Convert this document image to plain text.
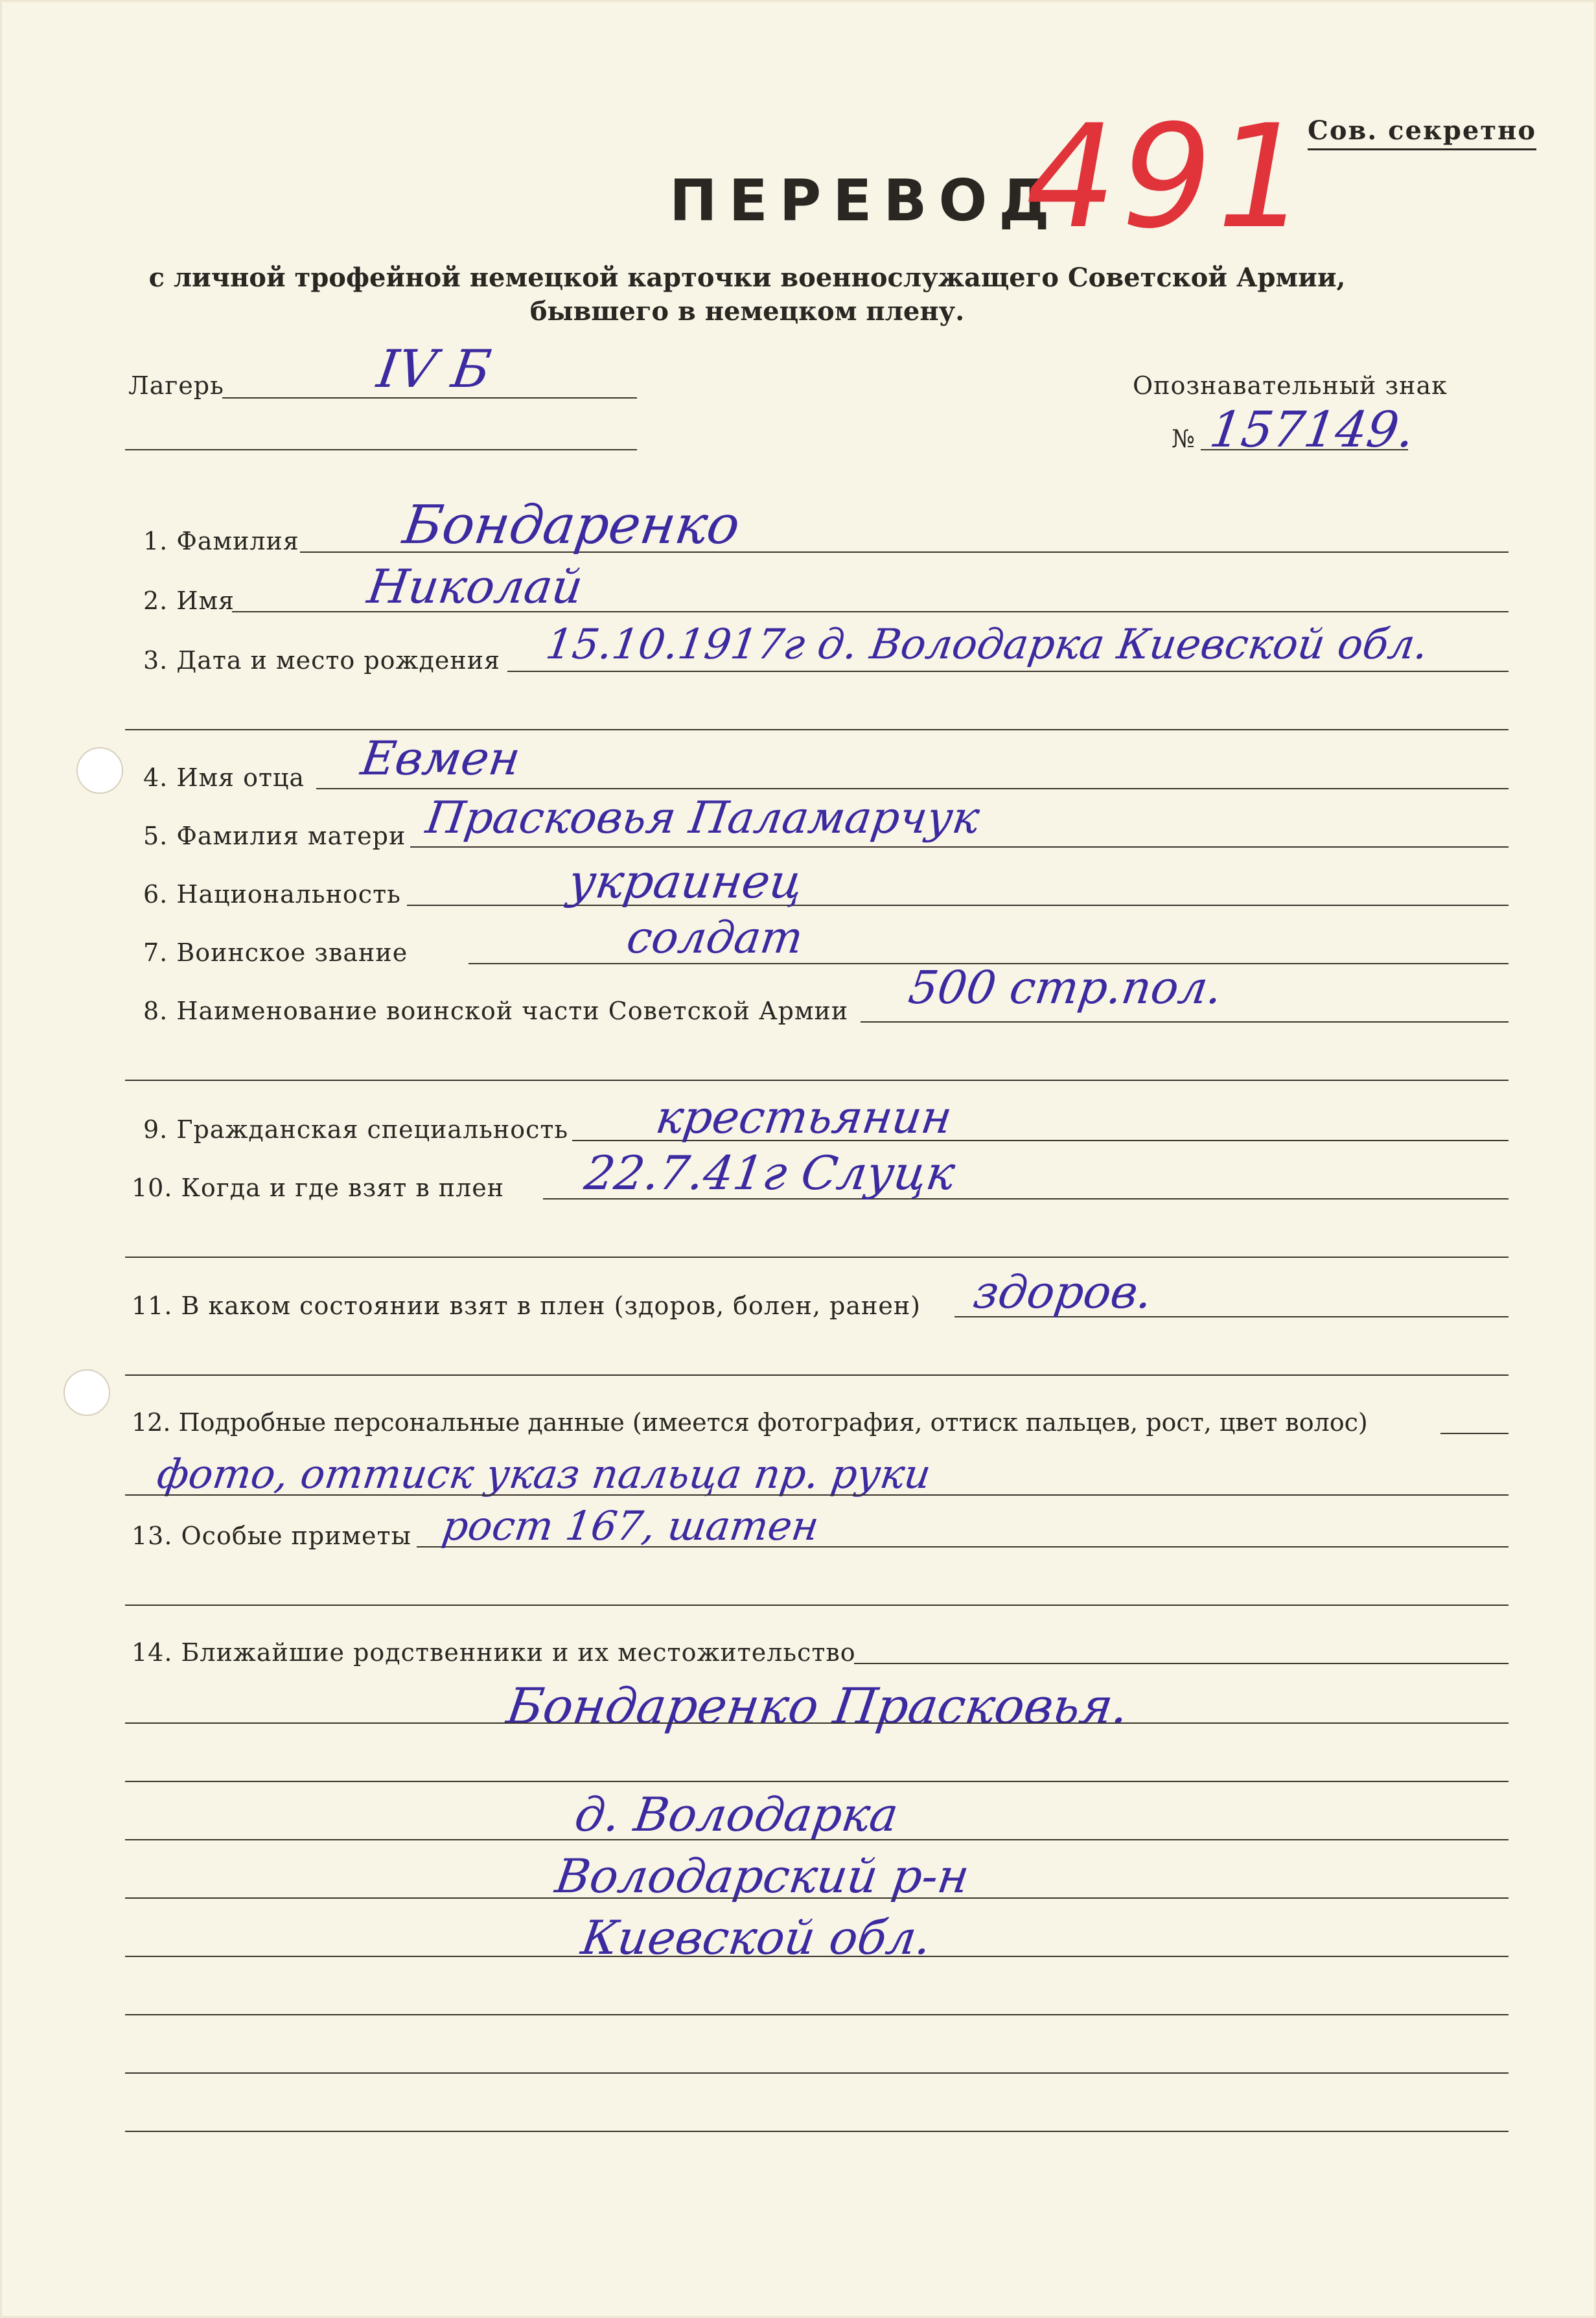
Сов. секретно
ПЕРЕВОД
491
с личной трофейной немецкой карточки военнослужащего Советской Армии,
бывшего в немецком плену.
Лагерь	IV Б	Опознавательный знак
№ 157149.
1. Фамилия Бондаренко
2. Имя	Николай
3. Дата и место рождения 15.10.1917г д. Володарка Киевской обл.
4. Имя отца Евмен
5. Фамилия матери Прасковья Паламарчук
6. Национальность	украинец
7. Воинское звание	солдат
8. Наименование воинской части Советской Армии 500 стр.пол.
9. Гражданская специальность крестьянин
10. Когда и где взят в плен 22.7.41г Слуцк
11. В каком состоянии взят в плен (здоров, болен, ранен) здоров.
12. Подробные персональные данные (имеется фотография, оттиск пальцев, рост, цвет волос)
фото, оттиск указ пальца пр. руки
13. Особые приметы рост 167, шатен
14. Ближайшие родственники и их местожительство
Бондаренко Прасковья.
д. Володарка
Володарский р-н
Киевской обл.
